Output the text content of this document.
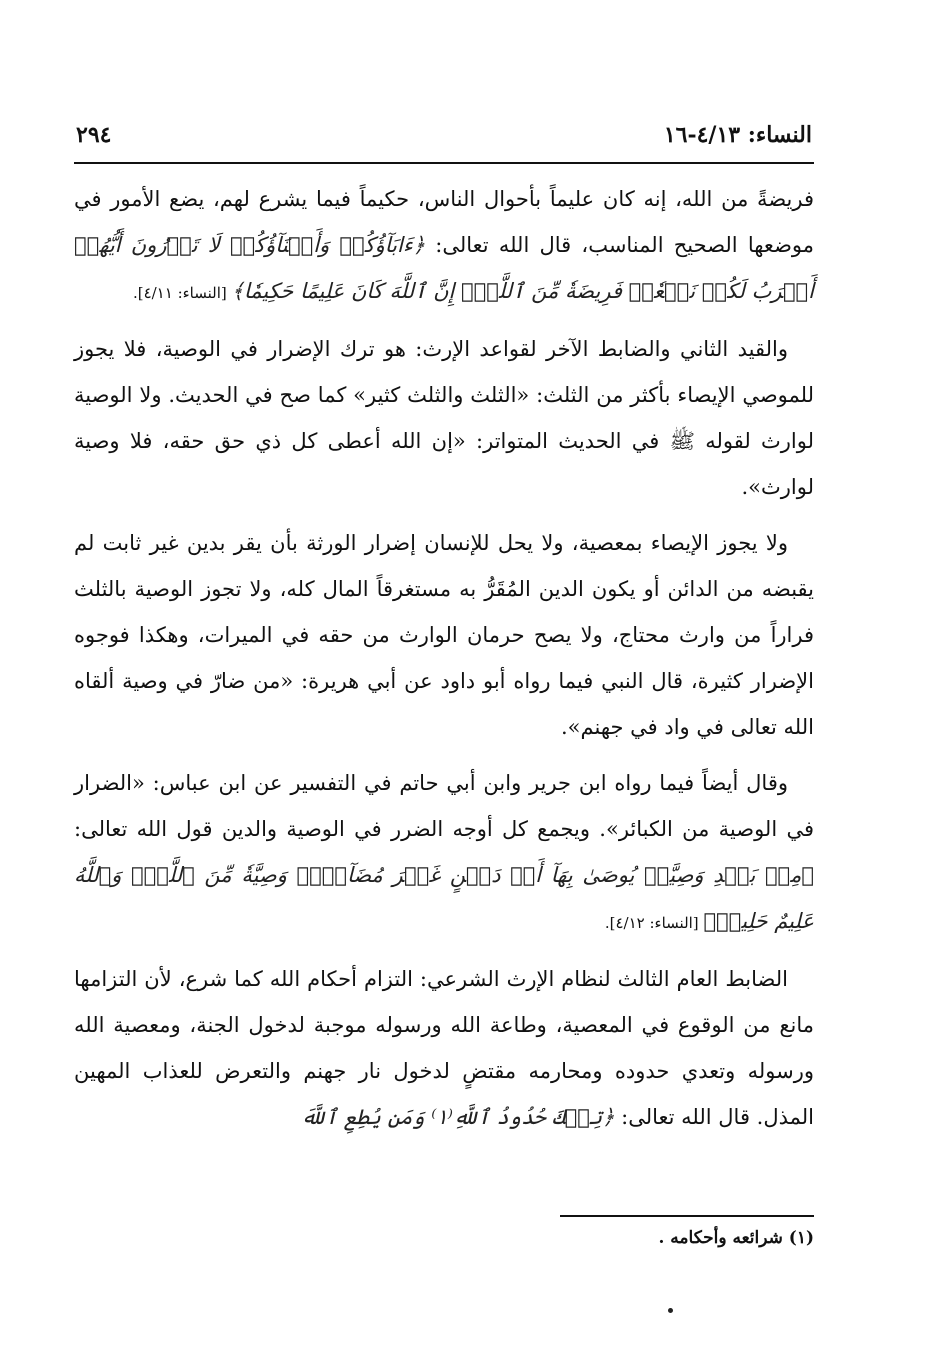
النساء: ٤/١٣-١٦
٢٩٤

فريضةً من الله، إنه كان عليماً بأحوال الناس، حكيماً فيما يشرع لهم، يضع الأمور في موضعها الصحيح المناسب، قال الله تعالى: ﴿ءَابَآؤُكُمۡ وَأَبۡنَآؤُكُمۡ لَا تَدۡرُونَ أَيُّهُمۡ أَقۡرَبُ لَكُمۡ نَفۡعٗاۚ فَرِيضَةٗ مِّنَ ٱللَّهِۗ إِنَّ ٱللَّهَ كَانَ عَلِيمًا حَكِيمٗا﴾ [النساء: ٤/١١].

والقيد الثاني والضابط الآخر لقواعد الإرث: هو ترك الإضرار في الوصية، فلا يجوز للموصي الإيصاء بأكثر من الثلث: «الثلث والثلث كثير» كما صح في الحديث. ولا الوصية لوارث لقوله ﷺ في الحديث المتواتر: «إن الله أعطى كل ذي حق حقه، فلا وصية لوارث».

ولا يجوز الإيصاء بمعصية، ولا يحل للإنسان إضرار الورثة بأن يقر بدين غير ثابت لم يقبضه من الدائن أو يكون الدين المُقَرُّ به مستغرقاً المال كله، ولا تجوز الوصية بالثلث فراراً من وارث محتاج، ولا يصح حرمان الوارث من حقه في الميرات، وهكذا فوجوه الإضرار كثيرة، قال النبي فيما رواه أبو داود عن أبي هريرة: «من ضارّ في وصية ألقاه الله تعالى في واد في جهنم».

وقال أيضاً فيما رواه ابن جرير وابن أبي حاتم في التفسير عن ابن عباس: «الضرار في الوصية من الكبائر». ويجمع كل أوجه الضرر في الوصية والدين قول الله تعالى: ﴿مِنۢ بَعۡدِ وَصِيَّةٖ يُوصَىٰ بِهَآ أَوۡ دَيۡنٍ غَيۡرَ مُضَآرّٖۚ وَصِيَّةٗ مِّنَ ٱللَّهِۗ وَٱللَّهُ عَلِيمٌ حَلِيمٞ﴾ [النساء: ٤/١٢].

الضابط العام الثالث لنظام الإرث الشرعي: التزام أحكام الله كما شرع، لأن التزامها مانع من الوقوع في المعصية، وطاعة الله ورسوله موجبة لدخول الجنة، ومعصية الله ورسوله وتعدي حدوده ومحارمه مقتضٍ لدخول نار جهنم والتعرض للعذاب المهين المذل. قال الله تعالى: ﴿تِلۡكَ حُدُودُ ٱللَّهِ⁽١⁾ وَمَن يُطِعِ ٱللَّهَ

(١) شرائعه وأحكامه .
